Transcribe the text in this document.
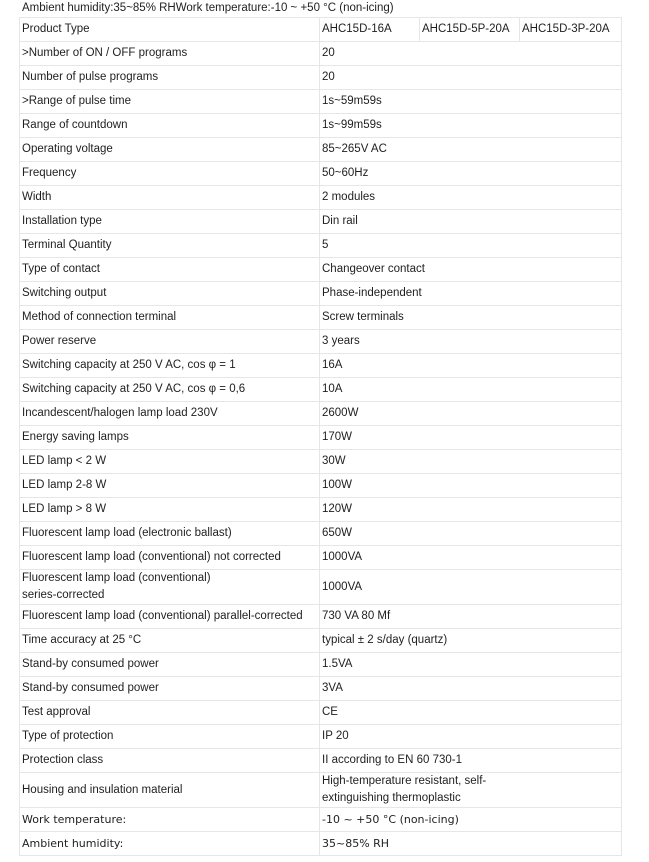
Ambient humidity:35~85% RHWork temperature:-10 ~ +50 °C (non-icing)
Product Type	AHC15D-16A	AHC15D-5P-20A	AHC15D-3P-20A
>Number of ON / OFF programs	20		
Number of pulse programs	20		
>Range of pulse time	1s~59m59s		
Range of countdown	1s~99m59s		
Operating voltage	85~265V AC		
Frequency	50~60Hz		
Width	2 modules		
Installation type	Din rail		
Terminal Quantity	5		
Type of contact	Changeover contact		
Switching output	Phase-independent		
Method of connection terminal	Screw terminals		
Power reserve	3 years		
Switching capacity at 250 V AC, cos φ = 1	16A		
Switching capacity at 250 V AC, cos φ = 0,6	10A		
Incandescent/halogen lamp load 230V	2600W		
Energy saving lamps	170W		
LED lamp < 2 W	30W		
LED lamp 2-8 W	100W		
LED lamp > 8 W	120W		
Fluorescent lamp load (electronic ballast)	650W		
Fluorescent lamp load (conventional) not corrected	1000VA		
Fluorescent lamp load (conventional) series-corrected	1000VA		
Fluorescent lamp load (conventional) parallel-corrected	730 VA 80 Mf		
Time accuracy at 25 °C	typical ± 2 s/day (quartz)		
Stand-by consumed power	1.5VA		
Stand-by consumed power	3VA		
Test approval	CE		
Type of protection	IP 20		
Protection class	II according to EN 60 730-1		
Housing and insulation material	High-temperature resistant, self-extinguishing thermoplastic		
Work temperature:	-10 ~ +50 °C (non-icing)		
Ambient humidity:	35~85% RH		
